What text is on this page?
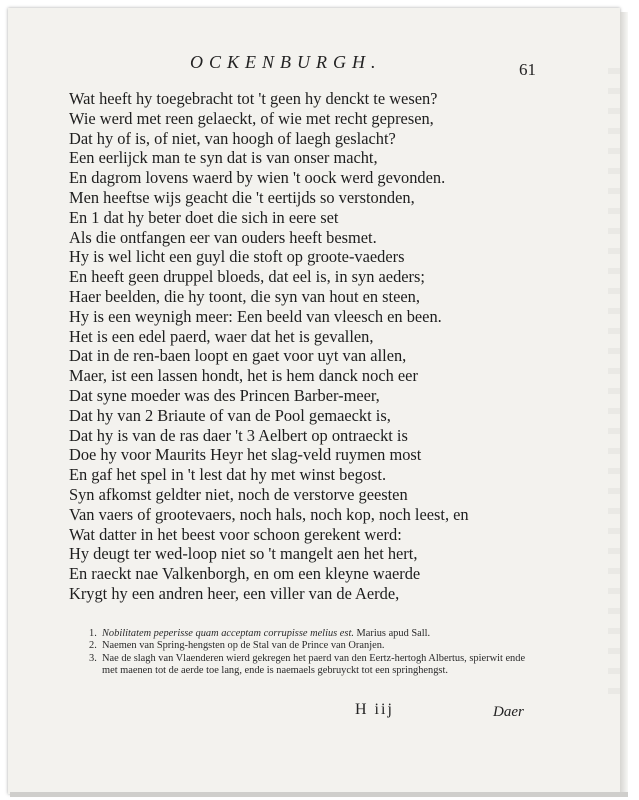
OCKENBURGH.	61
Wat heeft hy toegebracht tot 't geen hy denckt te wesen?
Wie werd met reen gelaeckt, of wie met recht gepresen,
Dat hy of is, of niet, van hoogh of laegh geslacht?
Een eerlijck man te syn dat is van onser macht,
En dagrom lovens waerd by wien 't oock werd gevonden.
Men heeftse wijs geacht die 't eertijds so verstonden,
En 1 dat hy beter doet die sich in eere set
Als die ontfangen eer van ouders heeft besmet.
Hy is wel licht een guyl die stoft op groote-vaeders
En heeft geen druppel bloeds, dat eel is, in syn aeders;
Haer beelden, die hy toont, die syn van hout en steen,
Hy is een weynigh meer: Een beeld van vleesch en been.
Het is een edel paerd, waer dat het is gevallen,
Dat in de ren-baen loopt en gaet voor uyt van allen,
Maer, ist een lassen hondt, het is hem danck noch eer
Dat syne moeder was des Princen Barber-meer,
Dat hy van 2 Briaute of van de Pool gemaeckt is,
Dat hy is van de ras daer 't 3 Aelbert op ontraeckt is
Doe hy voor Maurits Heyr het slag-veld ruymen most
En gaf het spel in 't lest dat hy met winst begost.
Syn afkomst geldter niet, noch de verstorve geesten
Van vaers of grootevaers, noch hals, noch kop, noch leest, en
Wat datter in het beest voor schoon gerekent werd:
Hy deugt ter wed-loop niet so 't mangelt aen het hert,
En raeckt nae Valkenborgh, en om een kleyne waerde
Krygt hy een andren heer, een viller van de Aerde,
1. Nobilitatem peperisse quam acceptam corrupisse melius est. Marius apud Sall.
2. Naemen van Spring-hengsten op de Stal van de Prince van Oranjen.
3. Nae de slagh van Vlaenderen wierd gekregen het paerd van den Eertz-hertogh Albertus, spierwit ende met maenen tot de aerde toe lang, ende is naemaels gebruyckt tot een springhengst.
H iij	Daer
